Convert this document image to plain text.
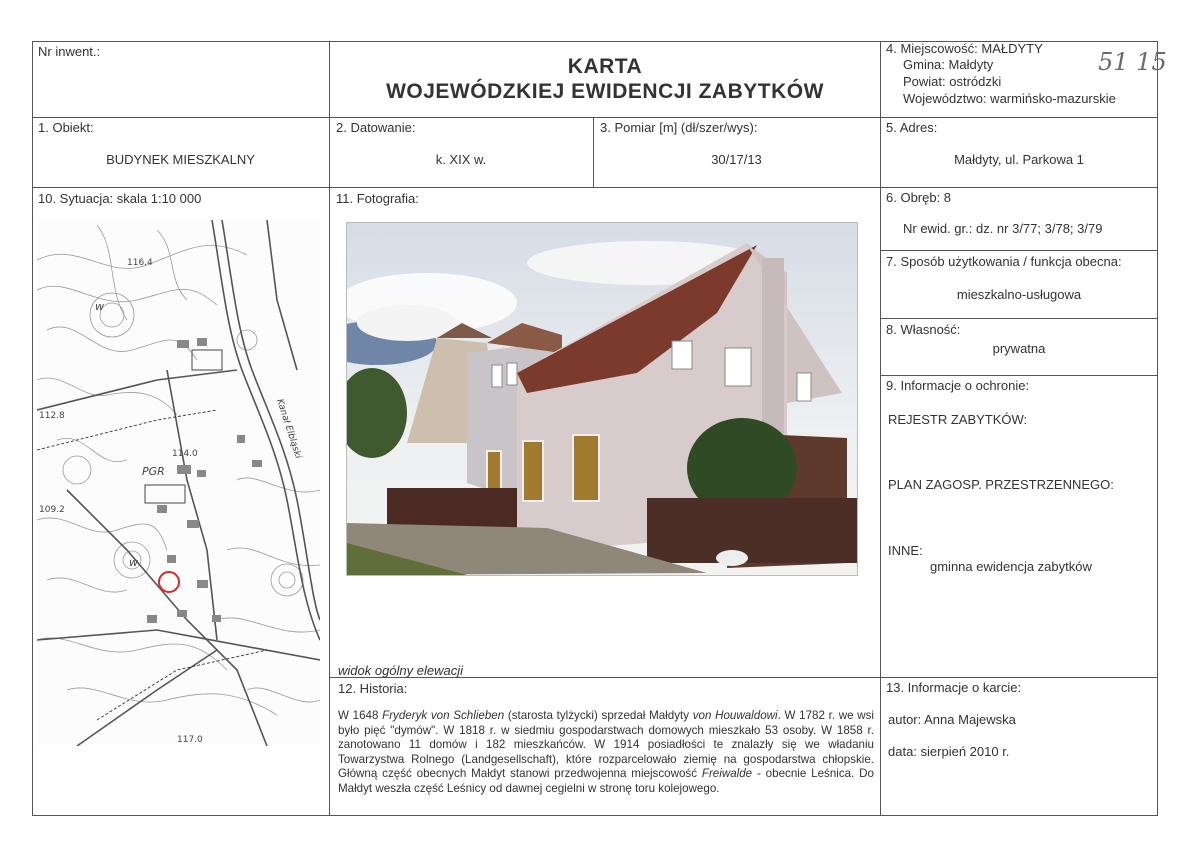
Nr inwent.:
KARTA
WOJEWÓDZKIEJ EWIDENCJI ZABYTKÓW
4. Miejscowość: MAŁDYTY
Gmina: Małdyty
Powiat: ostródzki
Województwo: warmińsko-mazurskie
51 15
1. Obiekt:
BUDYNEK MIESZKALNY
2. Datowanie:
k. XIX w.
3. Pomiar [m] (dł/szer/wys):
30/17/13
5. Adres:
Małdyty, ul. Parkowa 1
10. Sytuacja: skala 1:10 000
116.4
114.0
PGR
112.8
109.2
117.0
w
w
Kanał Elbląski
11. Fotografia:
widok ogólny elewacji
6. Obręb: 8
Nr ewid. gr.: dz. nr 3/77; 3/78; 3/79
7. Sposób użytkowania / funkcja obecna:
mieszkalno-usługowa
8. Własność:
prywatna
9. Informacje o ochronie:
REJESTR ZABYTKÓW:
PLAN ZAGOSP. PRZESTRZENNEGO:
INNE:
gminna ewidencja zabytków
13. Informacje o karcie:
autor: Anna Majewska
data: sierpień 2010 r.
12. Historia:
W 1648 Fryderyk von Schlieben (starosta tylżycki) sprzedał Małdyty von Houwaldowi. W 1782 r. we wsi było pięć "dymów". W 1818 r. w siedmiu gospodarstwach domowych mieszkało 53 osoby. W 1858 r. zanotowano 11 domów i 182 mieszkańców. W 1914 posiadłości te znalazły się we władaniu Towarzystwa Rolnego (Landgesellschaft), które rozparcelowało ziemię na gospodarstwa chłopskie. Główną część obecnych Małdyt stanowi przedwojenna miejscowość Freiwalde - obecnie Leśnica. Do Małdyt weszła część Leśnicy od dawnej cegielni w stronę toru kolejowego.
